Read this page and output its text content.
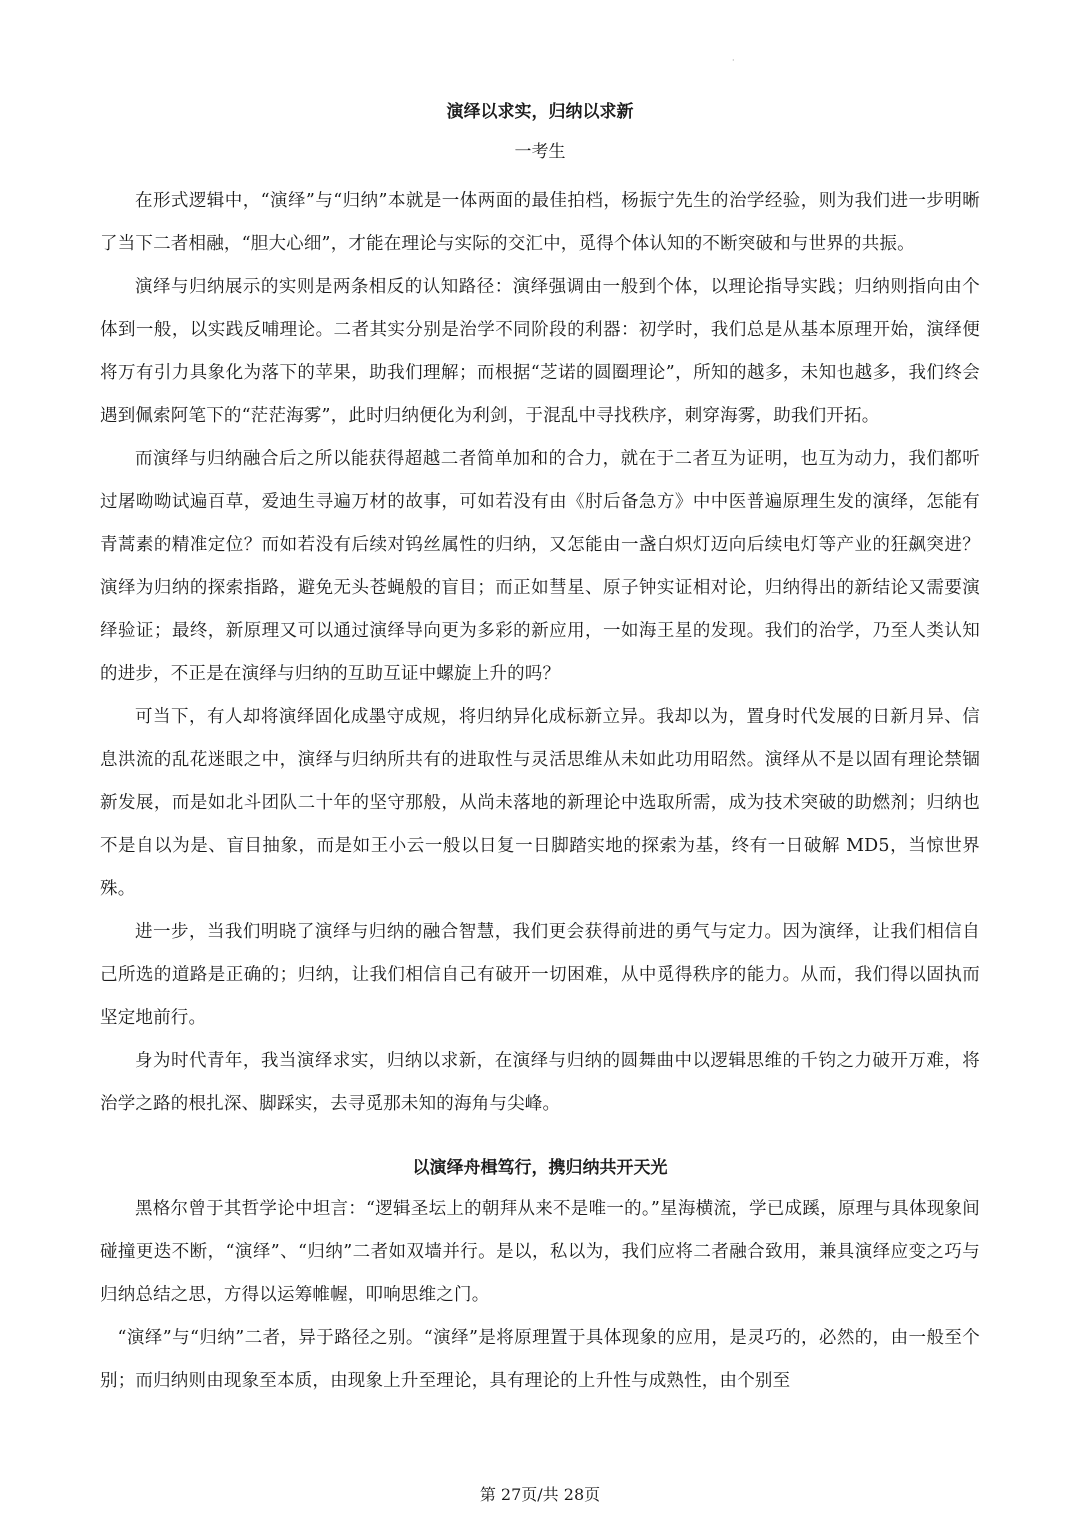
·
演绎以求实，归纳以求新

一考生

在形式逻辑中，“演绎”与“归纳”本就是一体两面的最佳拍档，杨振宁先生的治学经验，则为我们进一步明晰了当下二者相融，“胆大心细”，才能在理论与实际的交汇中，觅得个体认知的不断突破和与世界的共振。

演绎与归纳展示的实则是两条相反的认知路径：演绎强调由一般到个体，以理论指导实践；归纳则指向由个体到一般，以实践反哺理论。二者其实分别是治学不同阶段的利器：初学时，我们总是从基本原理开始，演绎便将万有引力具象化为落下的苹果，助我们理解；而根据“芝诺的圆圈理论”，所知的越多，未知也越多，我们终会遇到佩索阿笔下的“茫茫海雾”，此时归纳便化为利剑，于混乱中寻找秩序，刺穿海雾，助我们开拓。

而演绎与归纳融合后之所以能获得超越二者简单加和的合力，就在于二者互为证明，也互为动力，我们都听过屠呦呦试遍百草，爱迪生寻遍万材的故事，可如若没有由《肘后备急方》中中医普遍原理生发的演绎，怎能有青蒿素的精准定位？而如若没有后续对钨丝属性的归纳，又怎能由一盏白炽灯迈向后续电灯等产业的狂飙突进？演绎为归纳的探索指路，避免无头苍蝇般的盲目；而正如彗星、原子钟实证相对论，归纳得出的新结论又需要演绎验证；最终，新原理又可以通过演绎导向更为多彩的新应用，一如海王星的发现。我们的治学，乃至人类认知的进步，不正是在演绎与归纳的互助互证中螺旋上升的吗？

可当下，有人却将演绎固化成墨守成规，将归纳异化成标新立异。我却以为，置身时代发展的日新月异、信息洪流的乱花迷眼之中，演绎与归纳所共有的进取性与灵活思维从未如此功用昭然。演绎从不是以固有理论禁锢新发展，而是如北斗团队二十年的坚守那般，从尚未落地的新理论中选取所需，成为技术突破的助燃剂；归纳也不是自以为是、盲目抽象，而是如王小云一般以日复一日脚踏实地的探索为基，终有一日破解 MD5，当惊世界殊。

进一步，当我们明晓了演绎与归纳的融合智慧，我们更会获得前进的勇气与定力。因为演绎，让我们相信自己所选的道路是正确的；归纳，让我们相信自己有破开一切困难，从中觅得秩序的能力。从而，我们得以固执而坚定地前行。

身为时代青年，我当演绎求实，归纳以求新，在演绎与归纳的圆舞曲中以逻辑思维的千钧之力破开万难，将治学之路的根扎深、脚踩实，去寻觅那未知的海角与尖峰。

以演绎舟楫笃行，携归纳共开天光

黑格尔曾于其哲学论中坦言：“逻辑圣坛上的朝拜从来不是唯一的。”星海横流，学已成蹊，原理与具体现象间碰撞更迭不断，“演绎”、“归纳”二者如双墙并行。是以，私以为，我们应将二者融合致用，兼具演绎应变之巧与归纳总结之思，方得以运筹帷幄，叩响思维之门。

“演绎”与“归纳”二者，异于路径之别。“演绎”是将原理置于具体现象的应用，是灵巧的，必然的，由一般至个别；而归纳则由现象至本质，由现象上升至理论，具有理论的上升性与成熟性，由个别至

第 27页/共 28页
